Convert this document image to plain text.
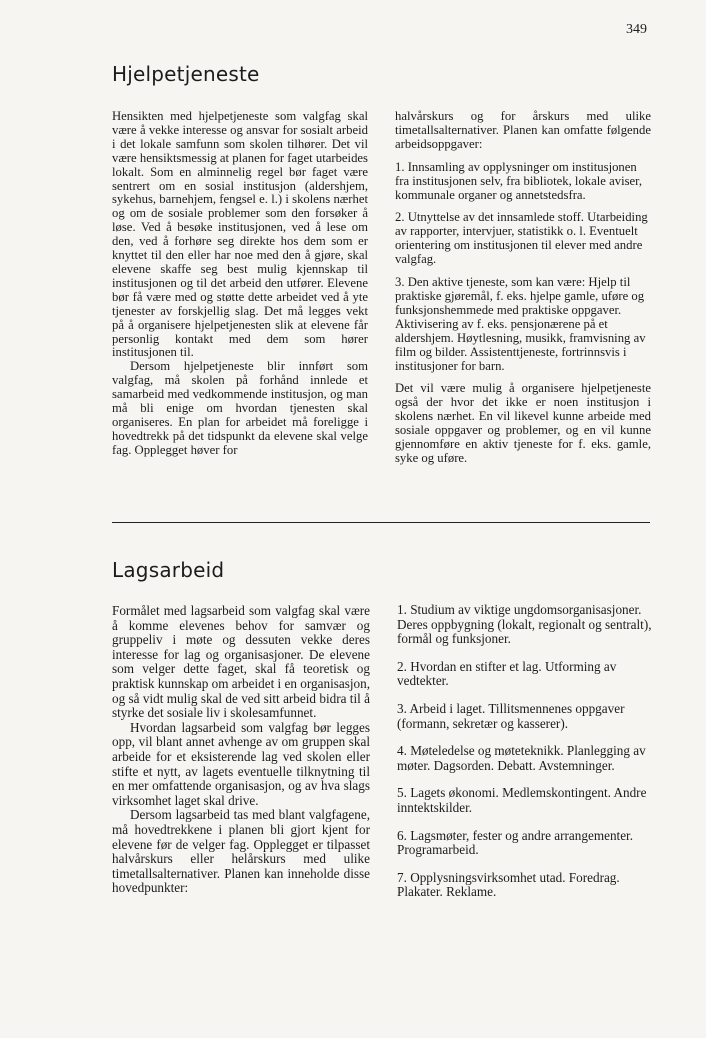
349
Hjelpetjeneste

Hensikten med hjelpetjeneste som valgfag skal være å vekke interesse og ansvar for sosialt arbeid i det lokale samfunn som skolen tilhører. Det vil være hensiktsmessig at planen for faget utarbeides lokalt. Som en alminnelig regel bør faget være sentrert om en sosial institusjon (aldershjem, sykehus, barnehjem, fengsel e. l.) i skolens nærhet og om de sosiale problemer som den forsøker å løse. Ved å besøke institusjonen, ved å lese om den, ved å forhøre seg direkte hos dem som er knyttet til den eller har noe med den å gjøre, skal elevene skaffe seg best mulig kjennskap til institusjonen og til det arbeid den utfører. Elevene bør få være med og støtte dette arbeidet ved å yte tjenester av forskjellig slag. Det må legges vekt på å organisere hjelpetjenesten slik at elevene får personlig kontakt med dem som hører institusjonen til.

Dersom hjelpetjeneste blir innført som valgfag, må skolen på forhånd innlede et samarbeid med vedkommende institusjon, og man må bli enige om hvordan tjenesten skal organiseres. En plan for arbeidet må foreligge i hovedtrekk på det tidspunkt da elevene skal velge fag. Opplegget høver for

halvårskurs og for årskurs med ulike timetallsalternativer. Planen kan omfatte følgende arbeidsoppgaver:

1. Innsamling av opplysninger om institusjonen fra institusjonen selv, fra bibliotek, lokale aviser, kommunale organer og annetstedsfra.

2. Utnyttelse av det innsamlede stoff. Utarbeiding av rapporter, intervjuer, statistikk o. l. Eventuelt orientering om institusjonen til elever med andre valgfag.

3. Den aktive tjeneste, som kan være: Hjelp til praktiske gjøremål, f. eks. hjelpe gamle, uføre og funksjonshemmede med praktiske oppgaver. Aktivisering av f. eks. pensjonærene på et aldershjem. Høytlesning, musikk, framvisning av film og bilder. Assistenttjeneste, fortrinnsvis i institusjoner for barn.

Det vil være mulig å organisere hjelpetjeneste også der hvor det ikke er noen institusjon i skolens nærhet. En vil likevel kunne arbeide med sosiale oppgaver og problemer, og en vil kunne gjennomføre en aktiv tjeneste for f. eks. gamle, syke og uføre.

Lagsarbeid

Formålet med lagsarbeid som valgfag skal være å komme elevenes behov for samvær og gruppeliv i møte og dessuten vekke deres interesse for lag og organisasjoner. De elevene som velger dette faget, skal få teoretisk og praktisk kunnskap om arbeidet i en organisasjon, og så vidt mulig skal de ved sitt arbeid bidra til å styrke det sosiale liv i skolesamfunnet.

Hvordan lagsarbeid som valgfag bør legges opp, vil blant annet avhenge av om gruppen skal arbeide for et eksisterende lag ved skolen eller stifte et nytt, av lagets eventuelle tilknytning til en mer omfattende organisasjon, og av hva slags virksomhet laget skal drive.

Dersom lagsarbeid tas med blant valgfagene, må hovedtrekkene i planen bli gjort kjent for elevene før de velger fag. Opplegget er tilpasset halvårskurs eller helårskurs med ulike timetallsalternativer. Planen kan inneholde disse hovedpunkter:

1. Studium av viktige ungdomsorganisasjoner. Deres oppbygning (lokalt, regionalt og sentralt), formål og funksjoner.

2. Hvordan en stifter et lag. Utforming av vedtekter.

3. Arbeid i laget. Tillitsmennenes oppgaver (formann, sekretær og kasserer).

4. Møteledelse og møteteknikk. Planlegging av møter. Dagsorden. Debatt. Avstemninger.

5. Lagets økonomi. Medlemskontingent. Andre inntektskilder.

6. Lagsmøter, fester og andre arrangementer. Programarbeid.

7. Opplysningsvirksomhet utad. Foredrag. Plakater. Reklame.
